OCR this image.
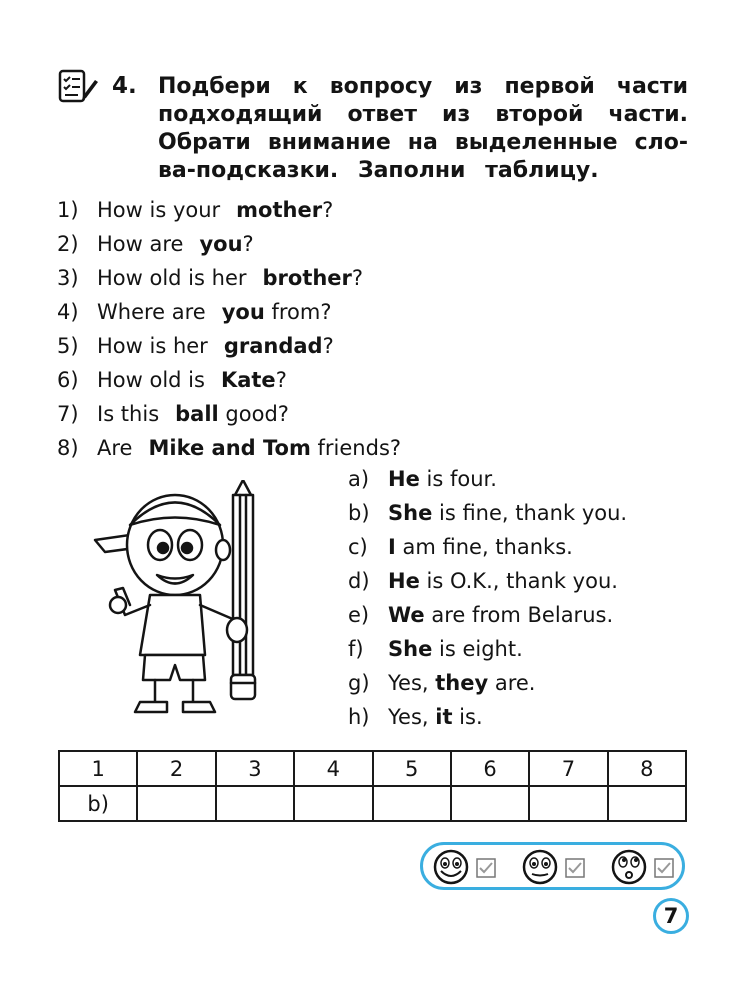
4. Подбери к вопросу из первой части
подходящий ответ из второй части.
Обрати внимание на выделенные сло-
ва-подсказки. Заполни таблицу.
1) How is your mother?
2) How are you?
3) How old is her brother?
4) Where are you from?
5) How is her grandad?
6) How old is Kate?
7) Is this ball good?
8) Are Mike and Tom friends?
a) He is four.
b) She is fine, thank you.
c) I am fine, thanks.
d) He is O.K., thank you.
e) We are from Belarus.
f) She is eight.
g) Yes, they are.
h) Yes, it is.
1	2	3	4	5	6	7	8
b)							
7
